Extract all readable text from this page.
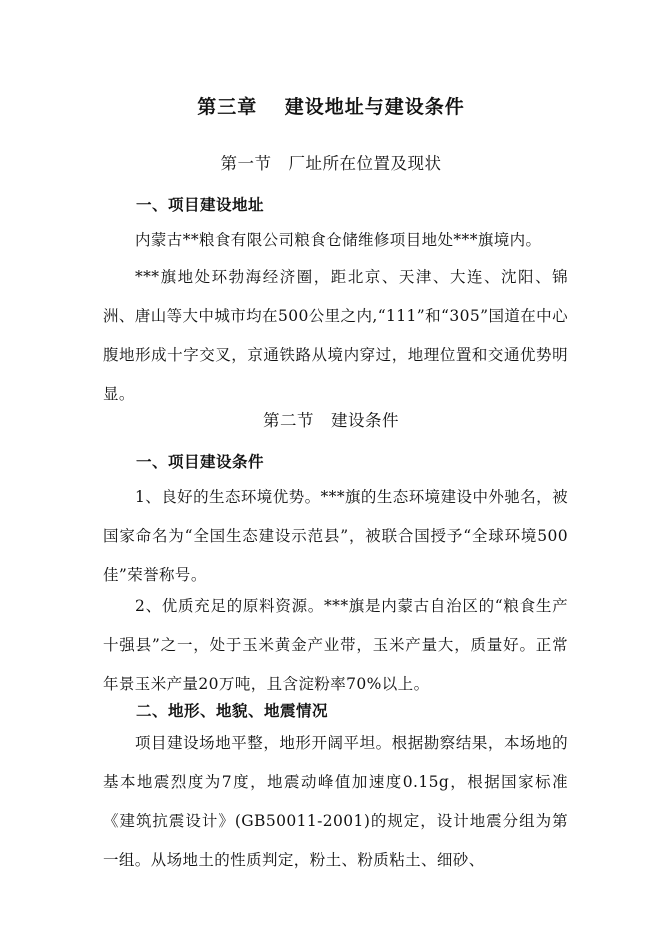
第三章　 建设地址与建设条件
第一节　厂址所在位置及现状
一、项目建设地址

内蒙古**粮食有限公司粮食仓储维修项目地处***旗境内。

***旗地处环勃海经济圈，距北京、天津、大连、沈阳、锦洲、唐山等大中城市均在500公里之内,“111”和“305”国道在中心腹地形成十字交叉，京通铁路从境内穿过，地理位置和交通优势明显。

第二节　建设条件
一、项目建设条件

1、良好的生态环境优势。***旗的生态环境建设中外驰名，被国家命名为“全国生态建设示范县”，被联合国授予“全球环境500佳”荣誉称号。

2、优质充足的原料资源。***旗是内蒙古自治区的“粮食生产十强县”之一，处于玉米黄金产业带，玉米产量大，质量好。正常年景玉米产量20万吨，且含淀粉率70%以上。

二、地形、地貌、地震情况

项目建设场地平整，地形开阔平坦。根据勘察结果，本场地的基本地震烈度为7度，地震动峰值加速度0.15g，根据国家标准《建筑抗震设计》(GB50011-2001)的规定，设计地震分组为第一组。从场地土的性质判定，粉土、粉质粘土、细砂、
